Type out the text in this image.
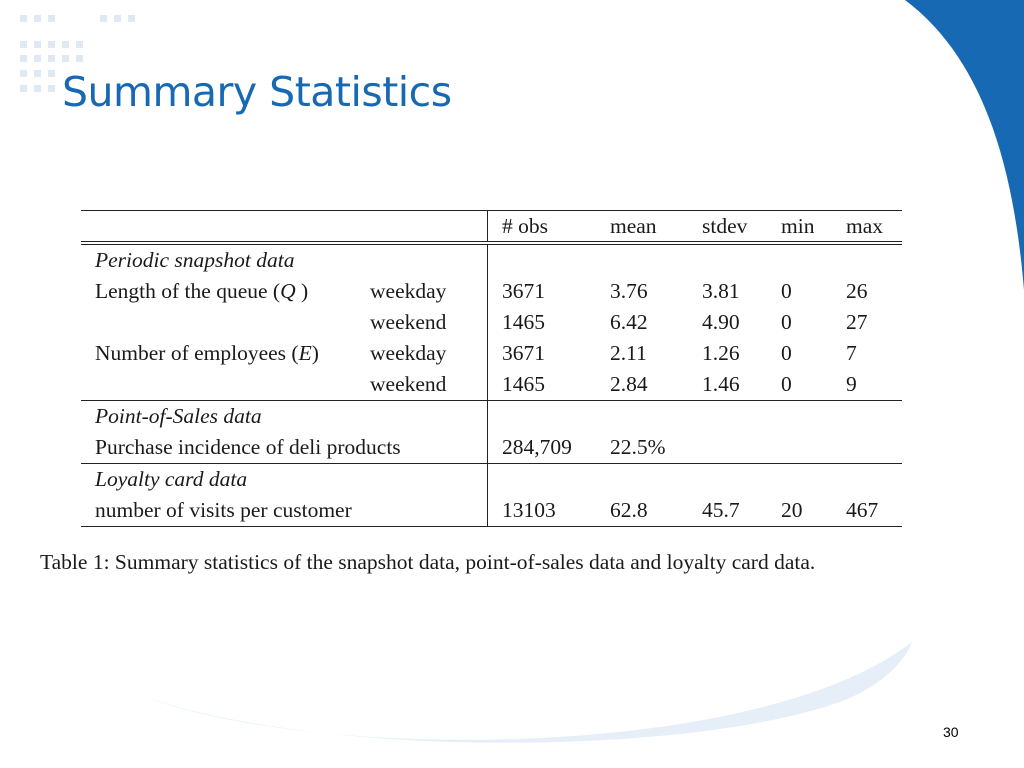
Summary Statistics
		# obs	mean	stdev	min	max
Periodic snapshot data						
Length of the queue (Q )	weekday	3671	3.76	3.81	0	26
	weekend	1465	6.42	4.90	0	27
Number of employees (E)	weekday	3671	2.11	1.26	0	7
	weekend	1465	2.84	1.46	0	9
Point-of-Sales data						
Purchase incidence of deli products		284,709	22.5%			
Loyalty card data						
number of visits per customer		13103	62.8	45.7	20	467
Table 1: Summary statistics of the snapshot data, point-of-sales data and loyalty card data.
30
